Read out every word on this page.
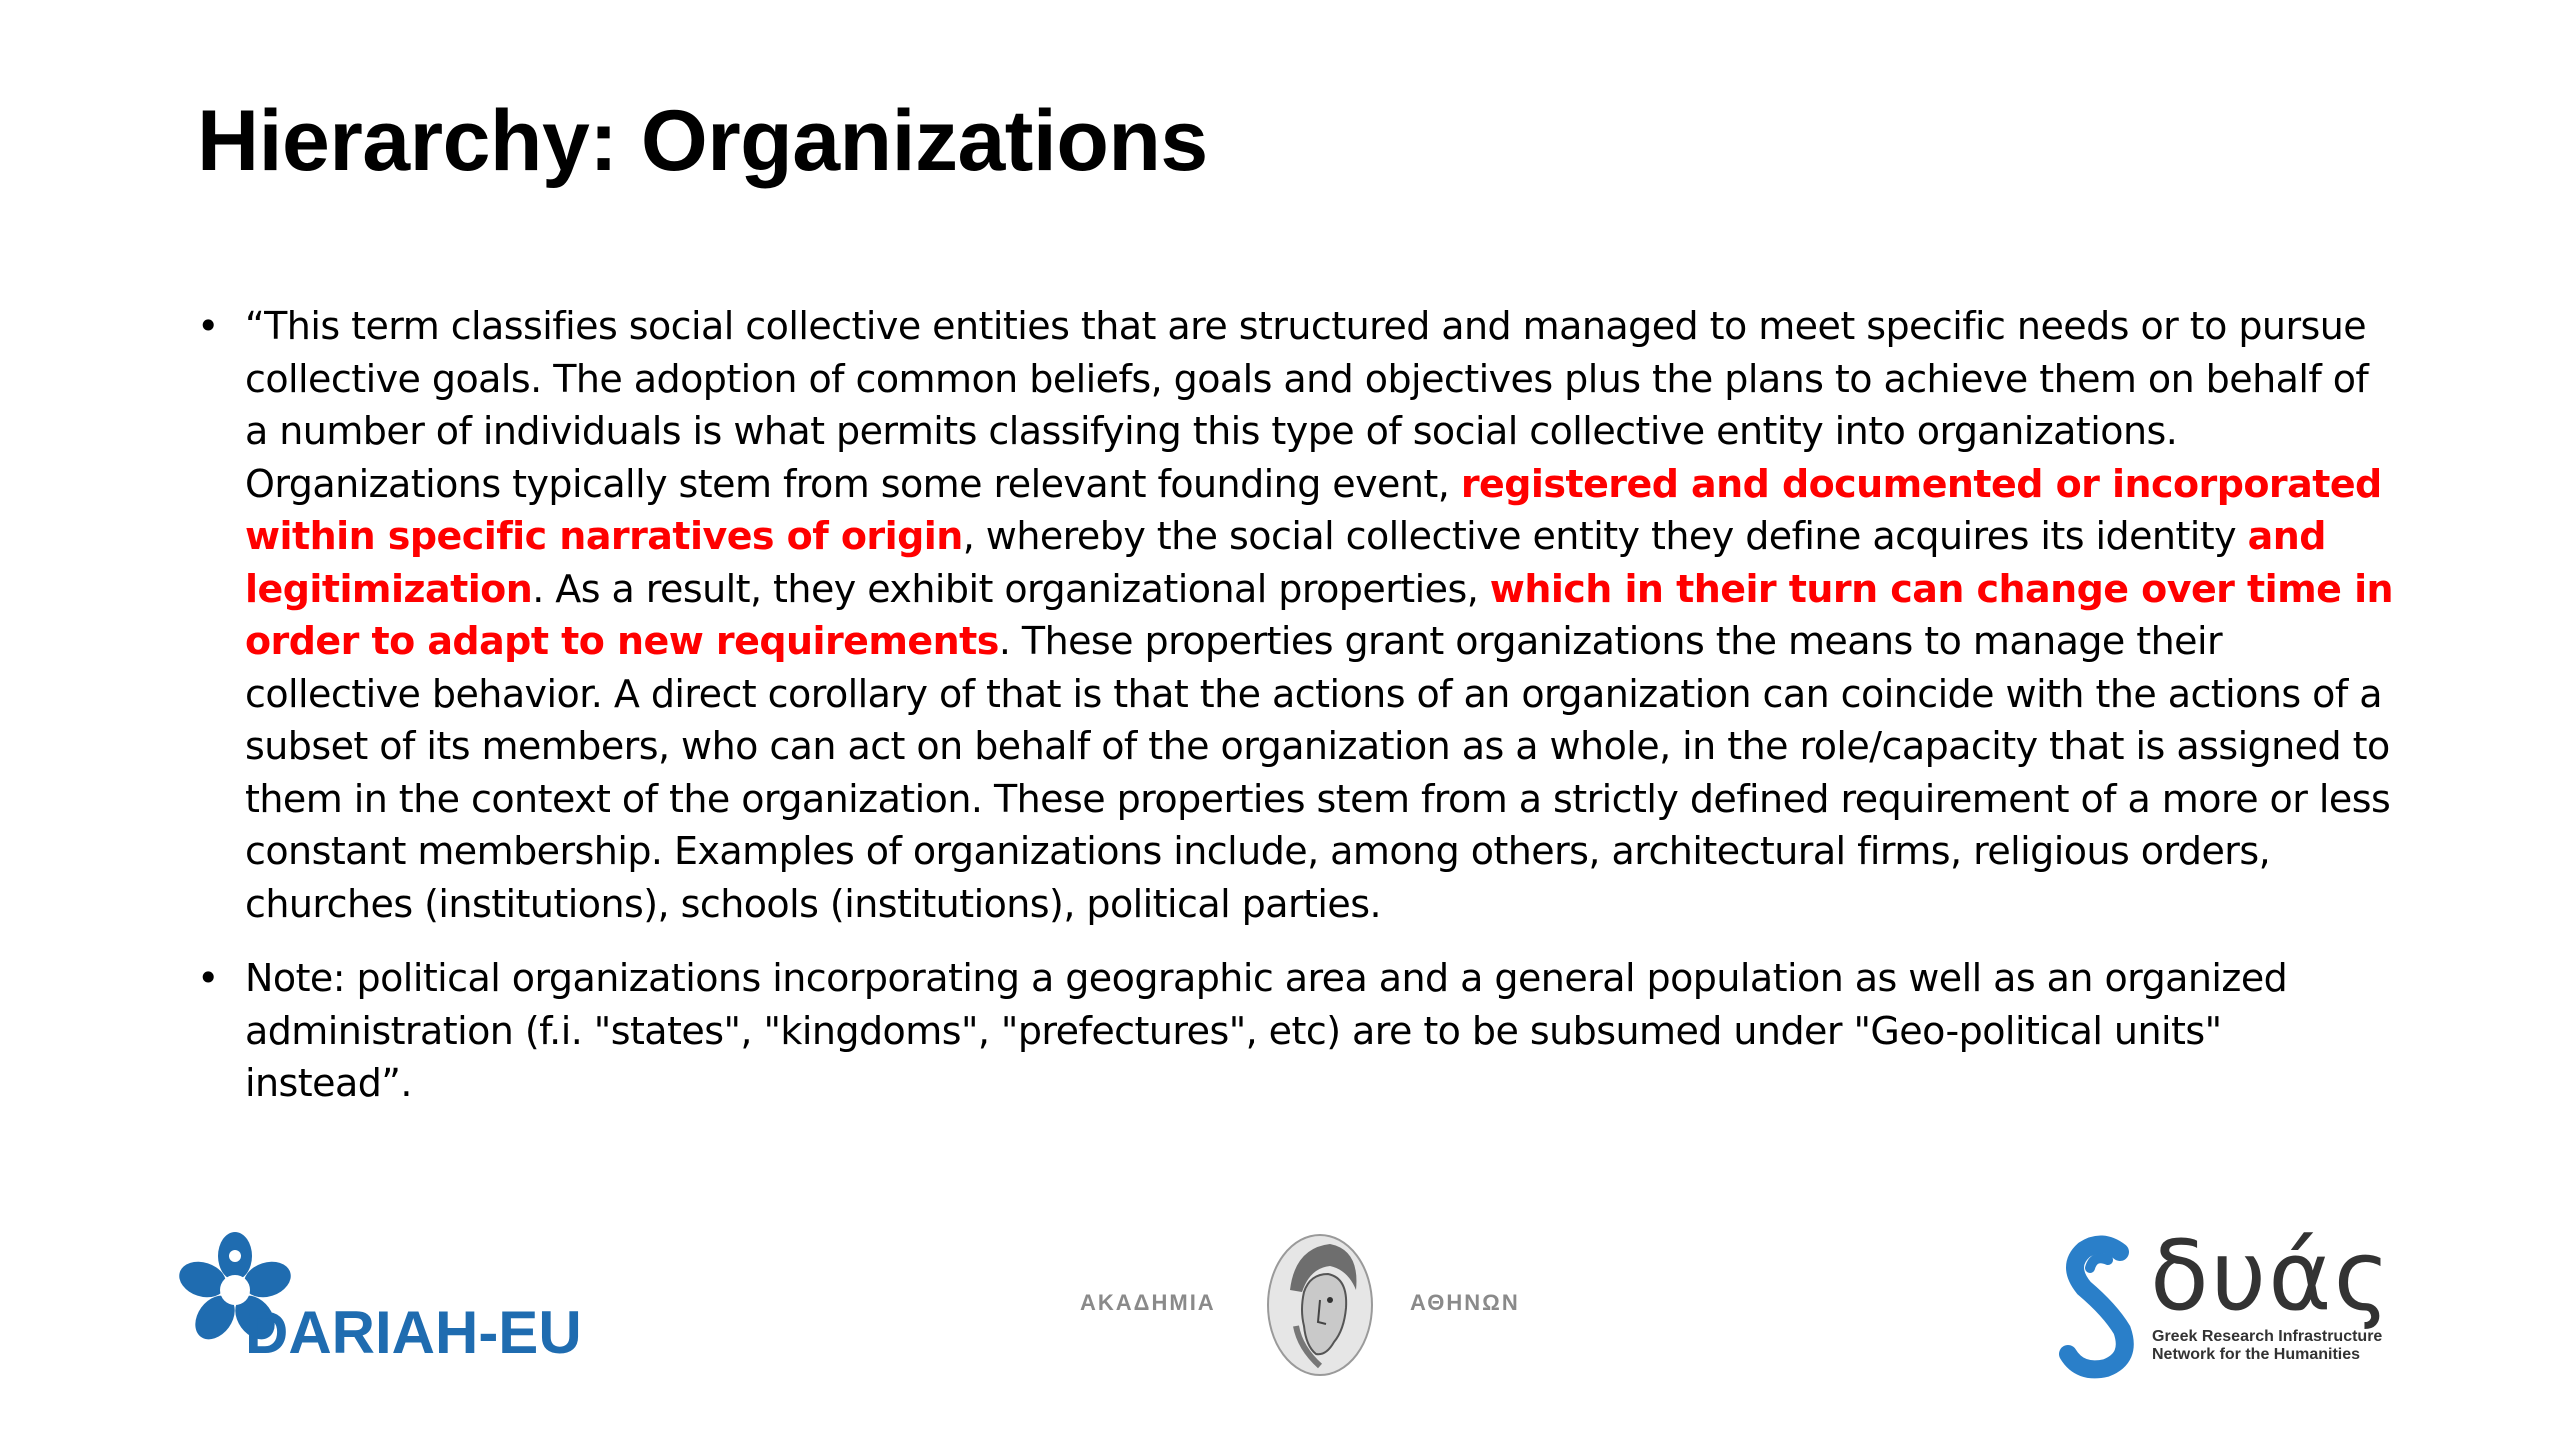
Hierarchy: Organizations
• “This term classifies social collective entities that are structured and managed to meet specific needs or to pursue collective goals. The adoption of common beliefs, goals and objectives plus the plans to achieve them on behalf of a number of individuals is what permits classifying this type of social collective entity into organizations. Organizations typically stem from some relevant founding event, registered and documented or incorporated within specific narratives of origin, whereby the social collective entity they define acquires its identity and legitimization. As a result, they exhibit organizational properties, which in their turn can change over time in order to adapt to new requirements. These properties grant organizations the means to manage their collective behavior. A direct corollary of that is that the actions of an organization can coincide with the actions of a subset of its members, who can act on behalf of the organization as a whole, in the role/capacity that is assigned to them in the context of the organization. These properties stem from a strictly defined requirement of a more or less constant membership. Examples of organizations include, among others, architectural firms, religious orders, churches (institutions), schools (institutions), political parties.
• Note: political organizations incorporating a geographic area and a general population as well as an organized administration (f.i. "states", "kingdoms", "prefectures", etc) are to be subsumed under "Geo-political units" instead”.
DARIAH-EU	ΑΚΑΔΗΜΙΑ	ΑΘΗΝΩΝ	δυάς
Greek Research Infrastructure Network for the Humanities
